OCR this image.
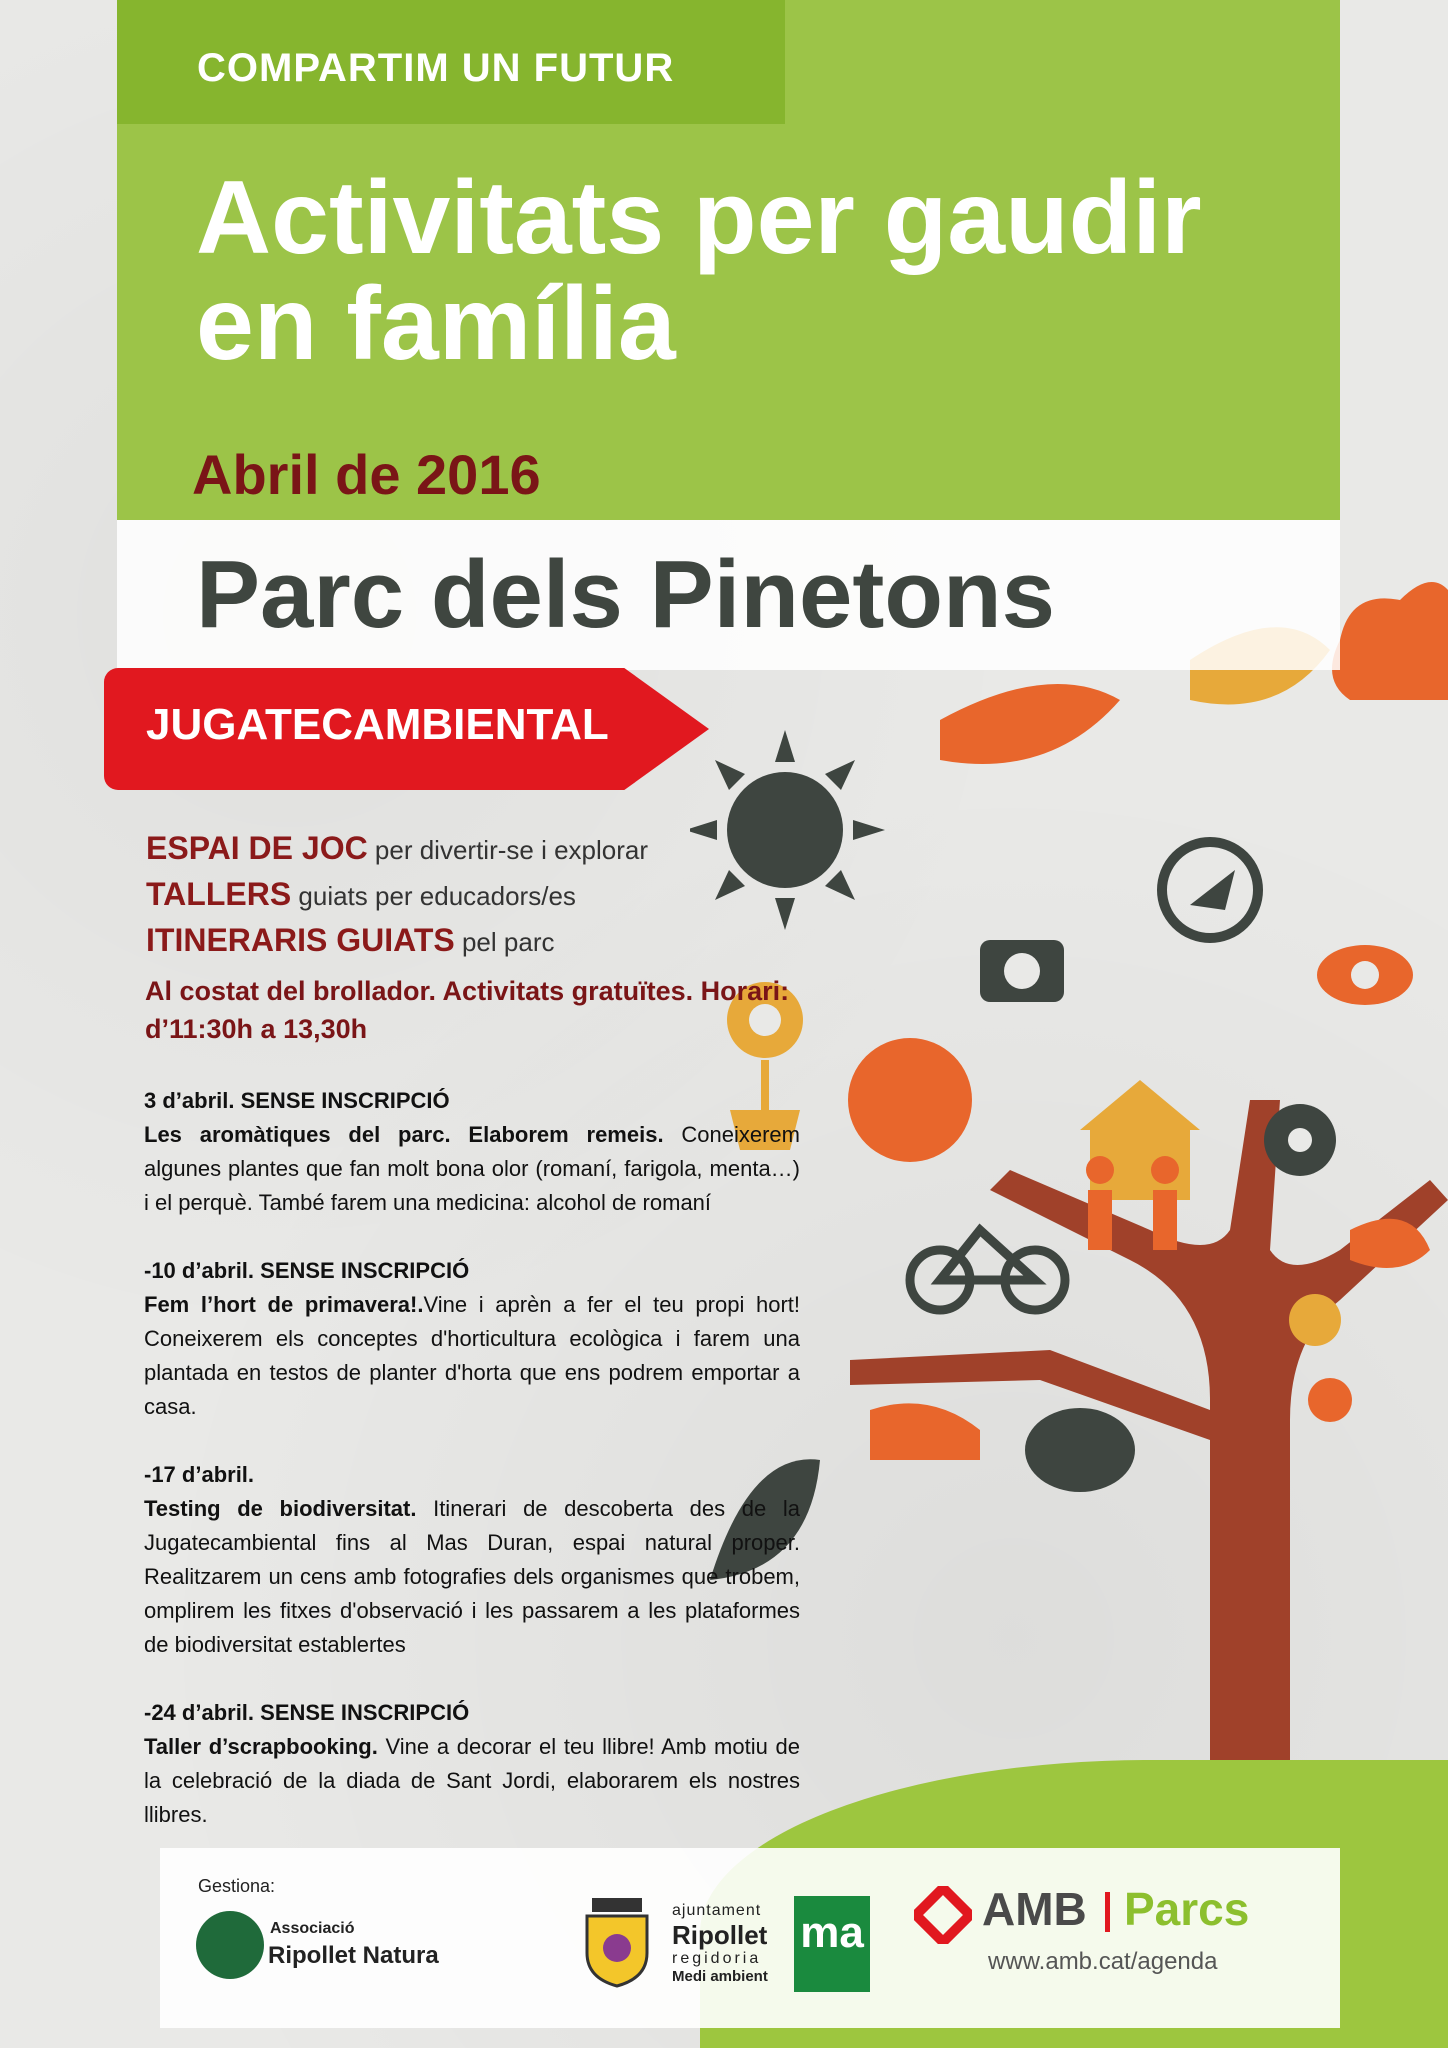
COMPARTIM UN FUTUR

Activitats per gaudir
en família

Abril de 2016

Parc dels Pinetons

JUGATECAMBIENTAL

ESPAI DE JOC per divertir-se i explorar

TALLERS guiats per educadors/es

ITINERARIS GUIATS pel parc

Al costat del brollador. Activitats gratuïtes. Horari: d’11:30h a 13,30h

3 d’abril. SENSE INSCRIPCIÓ
Les aromàtiques del parc. Elaborem remeis. Coneixerem algunes plantes que fan molt bona olor (romaní, farigola, menta…) i el perquè. També farem una medicina: alcohol de romaní

-10 d’abril. SENSE INSCRIPCIÓ
Fem l’hort de primavera!.Vine i aprèn a fer el teu propi hort! Coneixerem els conceptes d'horticultura ecològica i farem una plantada en testos de planter d'horta que ens podrem emportar a casa.

-17 d’abril.
Testing de biodiversitat. Itinerari de descoberta des de la Jugatecambiental fins al Mas Duran, espai natural proper. Realitzarem un cens amb fotografies dels organismes que trobem, omplirem les fitxes d'observació i les passarem a les plataformes de biodiversitat establertes

-24 d’abril. SENSE INSCRIPCIÓ
Taller d’scrapbooking. Vine a decorar el teu llibre! Amb motiu de la celebració de la diada de Sant Jordi, elaborarem els nostres llibres.

Gestiona:

Associació

Ripollet Natura

ajuntament

Ripollet

regidoria

Medi ambient

ma	AMB Parcs

www.amb.cat/agenda
